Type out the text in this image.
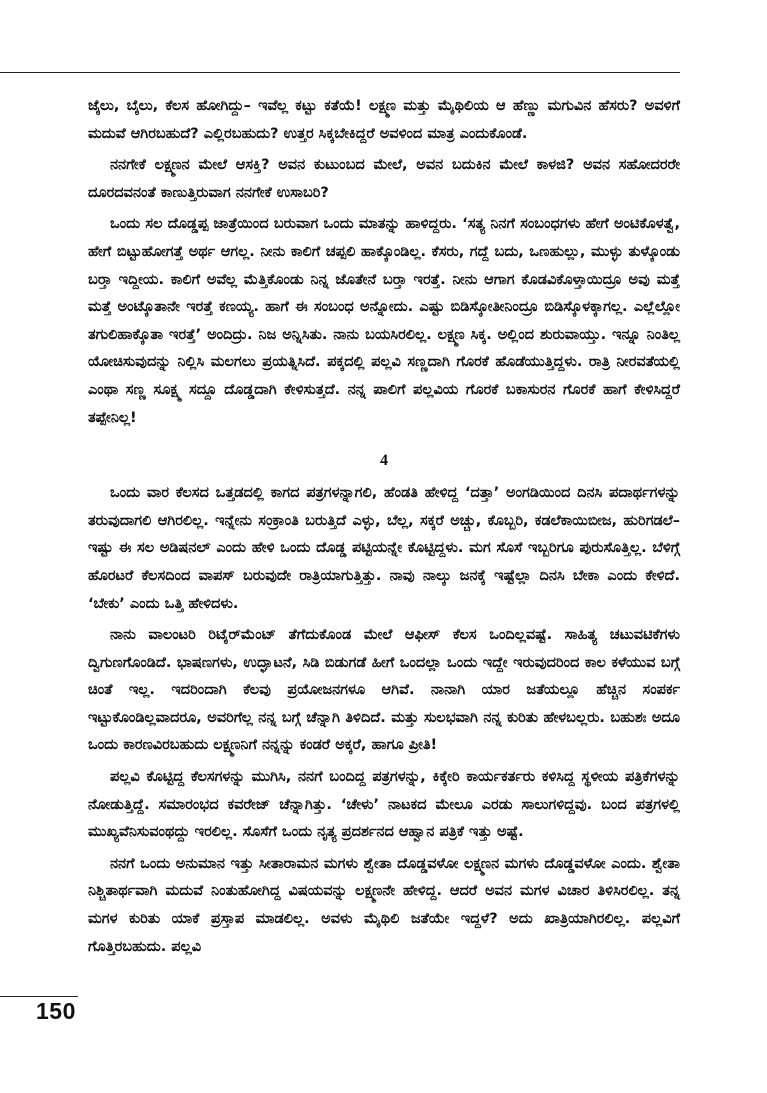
ಜೈಲು, ಬೈಲು, ಕೆಲಸ ಹೋಗಿದ್ದು– ಇವೆಲ್ಲ ಕಟ್ಟು ಕತೆಯೆ! ಲಕ್ಷ್ಮಣ ಮತ್ತು ಮೈಥಿಲಿಯ ಆ ಹೆಣ್ಣು ಮಗುವಿನ ಹೆಸರು? ಅವಳಿಗೆ ಮದುವೆ ಆಗಿರಬಹುದೆ? ಎಲ್ಲಿರಬಹುದು? ಉತ್ತರ ಸಿಕ್ಕಬೇಕಿದ್ದರೆ ಅವಳಿಂದ ಮಾತ್ರ ಎಂದುಕೊಂಡೆ.

ನನಗೇಕೆ ಲಕ್ಷ್ಮಣನ ಮೇಲೆ ಆಸಕ್ತಿ? ಅವನ ಕುಟುಂಬದ ಮೇಲೆ, ಅವನ ಬದುಕಿನ ಮೇಲೆ ಕಾಳಜಿ? ಅವನ ಸಹೋದರರೇ ದೂರದವನಂತೆ ಕಾಣುತ್ತಿರುವಾಗ ನನಗೇಕೆ ಉಸಾಬರಿ?

ಒಂದು ಸಲ ದೊಡ್ಡಪ್ಪ ಜಾತ್ರೆಯಿಂದ ಬರುವಾಗ ಒಂದು ಮಾತನ್ನು ಹಾಳಿದ್ದರು. ‘ಸತ್ಯ ನಿನಗೆ ಸಂಬಂಧಗಳು ಹೇಗೆ ಅಂಟಿಕೊಳತ್ವೆ, ಹೇಗೆ ಬಿಟ್ಟುಹೋಗತ್ತೆ ಅರ್ಥ ಆಗಲ್ಲ. ನೀನು ಕಾಲಿಗೆ ಚಪ್ಪಲಿ ಹಾಕ್ಕೊಂಡಿಲ್ಲ. ಕೆಸರು, ಗದ್ದೆ ಬದು, ಒಣಹುಲ್ಲು, ಮುಳ್ಳು ತುಳ್ಕೊಂಡು ಬರ್‍ತಾ ಇದ್ದೀಯ. ಕಾಲಿಗೆ ಅವೆಲ್ಲ ಮೆತ್ತಿಕೊಂಡು ನಿನ್ನ ಜೊತೇನೆ ಬರ್‍ತಾ ಇರತ್ತೆ. ನೀನು ಆಗಾಗ ಕೊಡವಿಕೊಳ್ತಾಯಿದ್ರೂ ಅವು ಮತ್ತೆ ಮತ್ತೆ ಅಂಟ್ಕೊತಾನೇ ಇರತ್ತೆ ಕಣಯ್ಯ. ಹಾಗೆ ಈ ಸಂಬಂಧ ಅನ್ನೋದು. ಎಷ್ಟು ಬಿಡಿಸ್ಕೋತೀನಿಂದ್ರೂ ಬಿಡಿಸ್ಕೊಳಕ್ಕಾಗಲ್ಲ. ಎಲ್ಲೆಲ್ಲೋ ತಗುಲಿಹಾಕ್ಕೊತಾ ಇರತ್ತೆ’ ಅಂದಿದ್ರು. ನಿಜ ಅನ್ನಿಸಿತು. ನಾನು ಬಯಸಿರಲಿಲ್ಲ. ಲಕ್ಷ್ಮಣ ಸಿಕ್ಕ. ಅಲ್ಲಿಂದ ಶುರುವಾಯ್ತು. ಇನ್ನೂ ನಿಂತಿಲ್ಲ ಯೋಚಿಸುವುದನ್ನು ನಿಲ್ಲಿಸಿ ಮಲಗಲು ಪ್ರಯತ್ನಿಸಿದೆ. ಪಕ್ಕದಲ್ಲಿ ಪಲ್ಲವಿ ಸಣ್ಣದಾಗಿ ಗೊರಕೆ ಹೊಡೆಯುತ್ತಿದ್ದಳು. ರಾತ್ರಿ ನೀರವತೆಯಲ್ಲಿ ಎಂಥಾ ಸಣ್ಣ ಸೂಕ್ಷ್ಮ ಸದ್ದೂ ದೊಡ್ಡದಾಗಿ ಕೇಳಿಸುತ್ತದೆ. ನನ್ನ ಪಾಲಿಗೆ ಪಲ್ಲವಿಯ ಗೊರಕೆ ಬಕಾಸುರನ ಗೊರಕೆ ಹಾಗೆ ಕೇಳಿಸಿದ್ದರೆ ತಪ್ಪೇನಿಲ್ಲ!

4

ಒಂದು ವಾರ ಕೆಲಸದ ಒತ್ತಡದಲ್ಲಿ ಕಾಗದ ಪತ್ರಗಳನ್ನಾಗಲಿ, ಹೆಂಡತಿ ಹೇಳಿದ್ದ ‘ದತ್ತಾ’ ಅಂಗಡಿಯಿಂದ ದಿನಸಿ ಪದಾರ್ಥಗಳನ್ನು ತರುವುದಾಗಲಿ ಆಗಿರಲಿಲ್ಲ. ಇನ್ನೇನು ಸಂಕ್ರಾಂತಿ ಬರುತ್ತಿದೆ ಎಳ್ಳು, ಬೆಲ್ಲ, ಸಕ್ಕರೆ ಅಚ್ಚು, ಕೊಬ್ಬರಿ, ಕಡಲೆಕಾಯಿಬೀಜ, ಹುರಿಗಡಲೆ– ಇಷ್ಟು ಈ ಸಲ ಅಡಿಷನಲ್ ಎಂದು ಹೇಳಿ ಒಂದು ದೊಡ್ಡ ಪಟ್ಟಿಯನ್ನೇ ಕೊಟ್ಟಿದ್ದಳು. ಮಗ ಸೊಸೆ ಇಬ್ಬರಿಗೂ ಪುರುಸೊತ್ತಿಲ್ಲ. ಬೆಳಿಗ್ಗೆ ಹೊರಟರೆ ಕೆಲಸದಿಂದ ವಾಪಸ್ ಬರುವುದೇ ರಾತ್ರಿಯಾಗುತ್ತಿತ್ತು. ನಾವು ನಾಲ್ಕು ಜನಕ್ಕೆ ಇಷ್ಟೆಲ್ಲಾ ದಿನಸಿ ಬೇಕಾ ಎಂದು ಕೇಳಿದೆ. ‘ಬೇಕು’ ಎಂದು ಒತ್ತಿ ಹೇಳಿದಳು.

ನಾನು ವಾಲಂಟರಿ ರಿಟೈರ್‌ಮೆಂಟ್ ತೆಗೆದುಕೊಂಡ ಮೇಲೆ ಆಫೀಸ್ ಕೆಲಸ ಒಂದಿಲ್ಲವಷ್ಟೆ. ಸಾಹಿತ್ಯ ಚಟುವಟಿಕೆಗಳು ದ್ವಿಗುಣಗೊಂಡಿದೆ. ಭಾಷಣಗಳು, ಉದ್ಘಾಟನೆ, ಸಿಡಿ ಬಿಡುಗಡೆ ಹೀಗೆ ಒಂದಲ್ಲಾ ಒಂದು ಇದ್ದೇ ಇರುವುದರಿಂದ ಕಾಲ ಕಳೆಯುವ ಬಗ್ಗೆ ಚಿಂತೆ ಇಲ್ಲ. ಇದರಿಂದಾಗಿ ಕೆಲವು ಪ್ರಯೋಜನಗಳೂ ಆಗಿವೆ. ನಾನಾಗಿ ಯಾರ ಜತೆಯಲ್ಲೂ ಹೆಚ್ಚಿನ ಸಂಪರ್ಕ ಇಟ್ಟುಕೊಂಡಿಲ್ಲವಾದರೂ, ಅವರಿಗೆಲ್ಲ ನನ್ನ ಬಗ್ಗೆ ಚೆನ್ನಾಗಿ ತಿಳಿದಿದೆ. ಮತ್ತು ಸುಲಭವಾಗಿ ನನ್ನ ಕುರಿತು ಹೇಳಬಲ್ಲರು. ಬಹುಶಃ ಅದೂ ಒಂದು ಕಾರಣವಿರಬಹುದು ಲಕ್ಷ್ಮಣನಿಗೆ ನನ್ನನ್ನು ಕಂಡರೆ ಅಕ್ಕರೆ, ಹಾಗೂ ಪ್ರೀತಿ!

ಪಲ್ಲವಿ ಕೊಟ್ಟಿದ್ದ ಕೆಲಸಗಳನ್ನು ಮುಗಿಸಿ, ನನಗೆ ಬಂದಿದ್ದ ಪತ್ರಗಳನ್ನು, ಕಿಕ್ಕೇರಿ ಕಾರ್ಯಕರ್ತರು ಕಳಿಸಿದ್ದ ಸ್ಥಳೀಯ ಪತ್ರಿಕೆಗಳನ್ನು ನೋಡುತ್ತಿದ್ದೆ. ಸಮಾರಂಭದ ಕವರೇಜ್ ಚೆನ್ನಾಗಿತ್ತು. ‘ಚೇಳು’ ನಾಟಕದ ಮೇಲೂ ಎರಡು ಸಾಲುಗಳಿದ್ದವು. ಬಂದ ಪತ್ರಗಳಲ್ಲಿ ಮುಖ್ಯವೆನಿಸುವಂಥದ್ದು ಇರಲಿಲ್ಲ. ಸೊಸೆಗೆ ಒಂದು ನೃತ್ಯ ಪ್ರದರ್ಶನದ ಆಹ್ವಾನ ಪತ್ರಿಕೆ ಇತ್ತು ಅಷ್ಟೆ.

ನನಗೆ ಒಂದು ಅನುಮಾನ ಇತ್ತು ಸೀತಾರಾಮನ ಮಗಳು ಶ್ವೇತಾ ದೊಡ್ಡವಳೋ ಲಕ್ಷ್ಮಣನ ಮಗಳು ದೊಡ್ಡವಳೋ ಎಂದು. ಶ್ವೇತಾ ನಿಶ್ಚಿತಾರ್ಥವಾಗಿ ಮದುವೆ ನಿಂತುಹೋಗಿದ್ದ ವಿಷಯವನ್ನು ಲಕ್ಷ್ಮಣನೇ ಹೇಳಿದ್ದ. ಆದರೆ ಅವನ ಮಗಳ ವಿಚಾರ ತಿಳಿಸಿರಲಿಲ್ಲ. ತನ್ನ ಮಗಳ ಕುರಿತು ಯಾಕೆ ಪ್ರಸ್ತಾಪ ಮಾಡಲಿಲ್ಲ. ಅವಳು ಮೈಥಿಲಿ ಜತೆಯೇ ಇದ್ದಳೆ? ಅದು ಖಾತ್ರಿಯಾಗಿರಲಿಲ್ಲ. ಪಲ್ಲವಿಗೆ ಗೊತ್ತಿರಬಹುದು. ಪಲ್ಲವಿ

150
